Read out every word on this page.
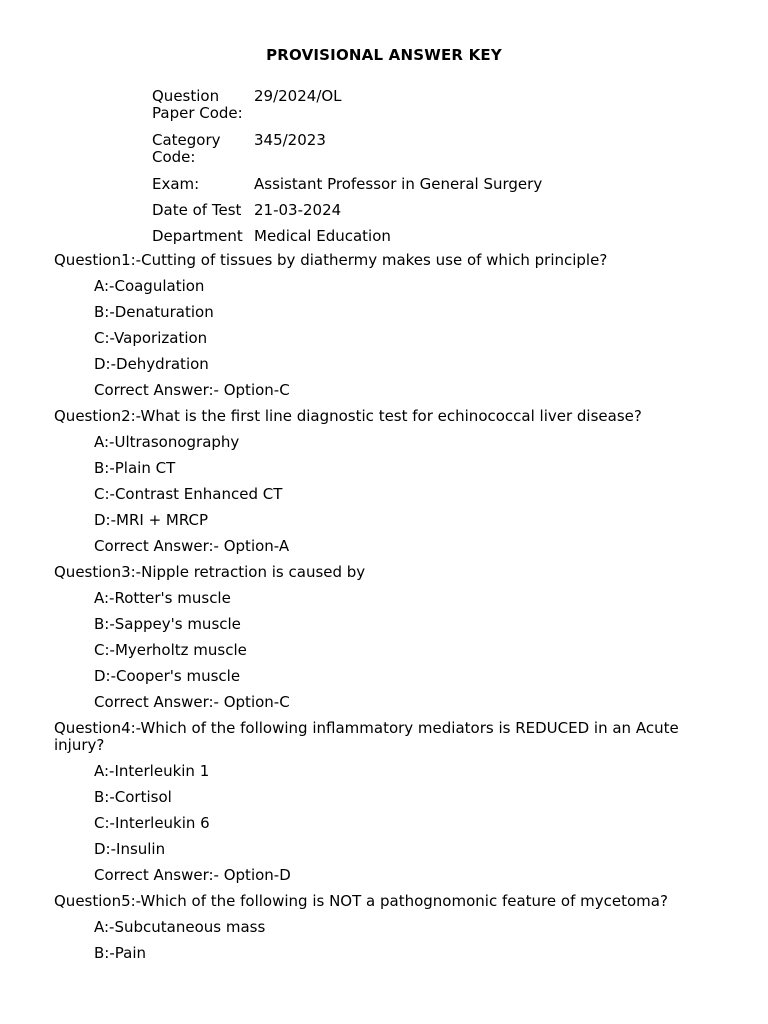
PROVISIONAL ANSWER KEY
Question Paper Code:	29/2024/OL
Category Code:	345/2023
Exam:	Assistant Professor in General Surgery
Date of Test	21-03-2024
Department	Medical Education
Question1:-Cutting of tissues by diathermy makes use of which principle?
A:-Coagulation
B:-Denaturation
C:-Vaporization
D:-Dehydration
Correct Answer:- Option-C
Question2:-What is the first line diagnostic test for echinococcal liver disease?
A:-Ultrasonography
B:-Plain CT
C:-Contrast Enhanced CT
D:-MRI + MRCP
Correct Answer:- Option-A
Question3:-Nipple retraction is caused by
A:-Rotter's muscle
B:-Sappey's muscle
C:-Myerholtz muscle
D:-Cooper's muscle
Correct Answer:- Option-C
Question4:-Which of the following inflammatory mediators is REDUCED in an Acute injury?
A:-Interleukin 1
B:-Cortisol
C:-Interleukin 6
D:-Insulin
Correct Answer:- Option-D
Question5:-Which of the following is NOT a pathognomonic feature of mycetoma?
A:-Subcutaneous mass
B:-Pain
